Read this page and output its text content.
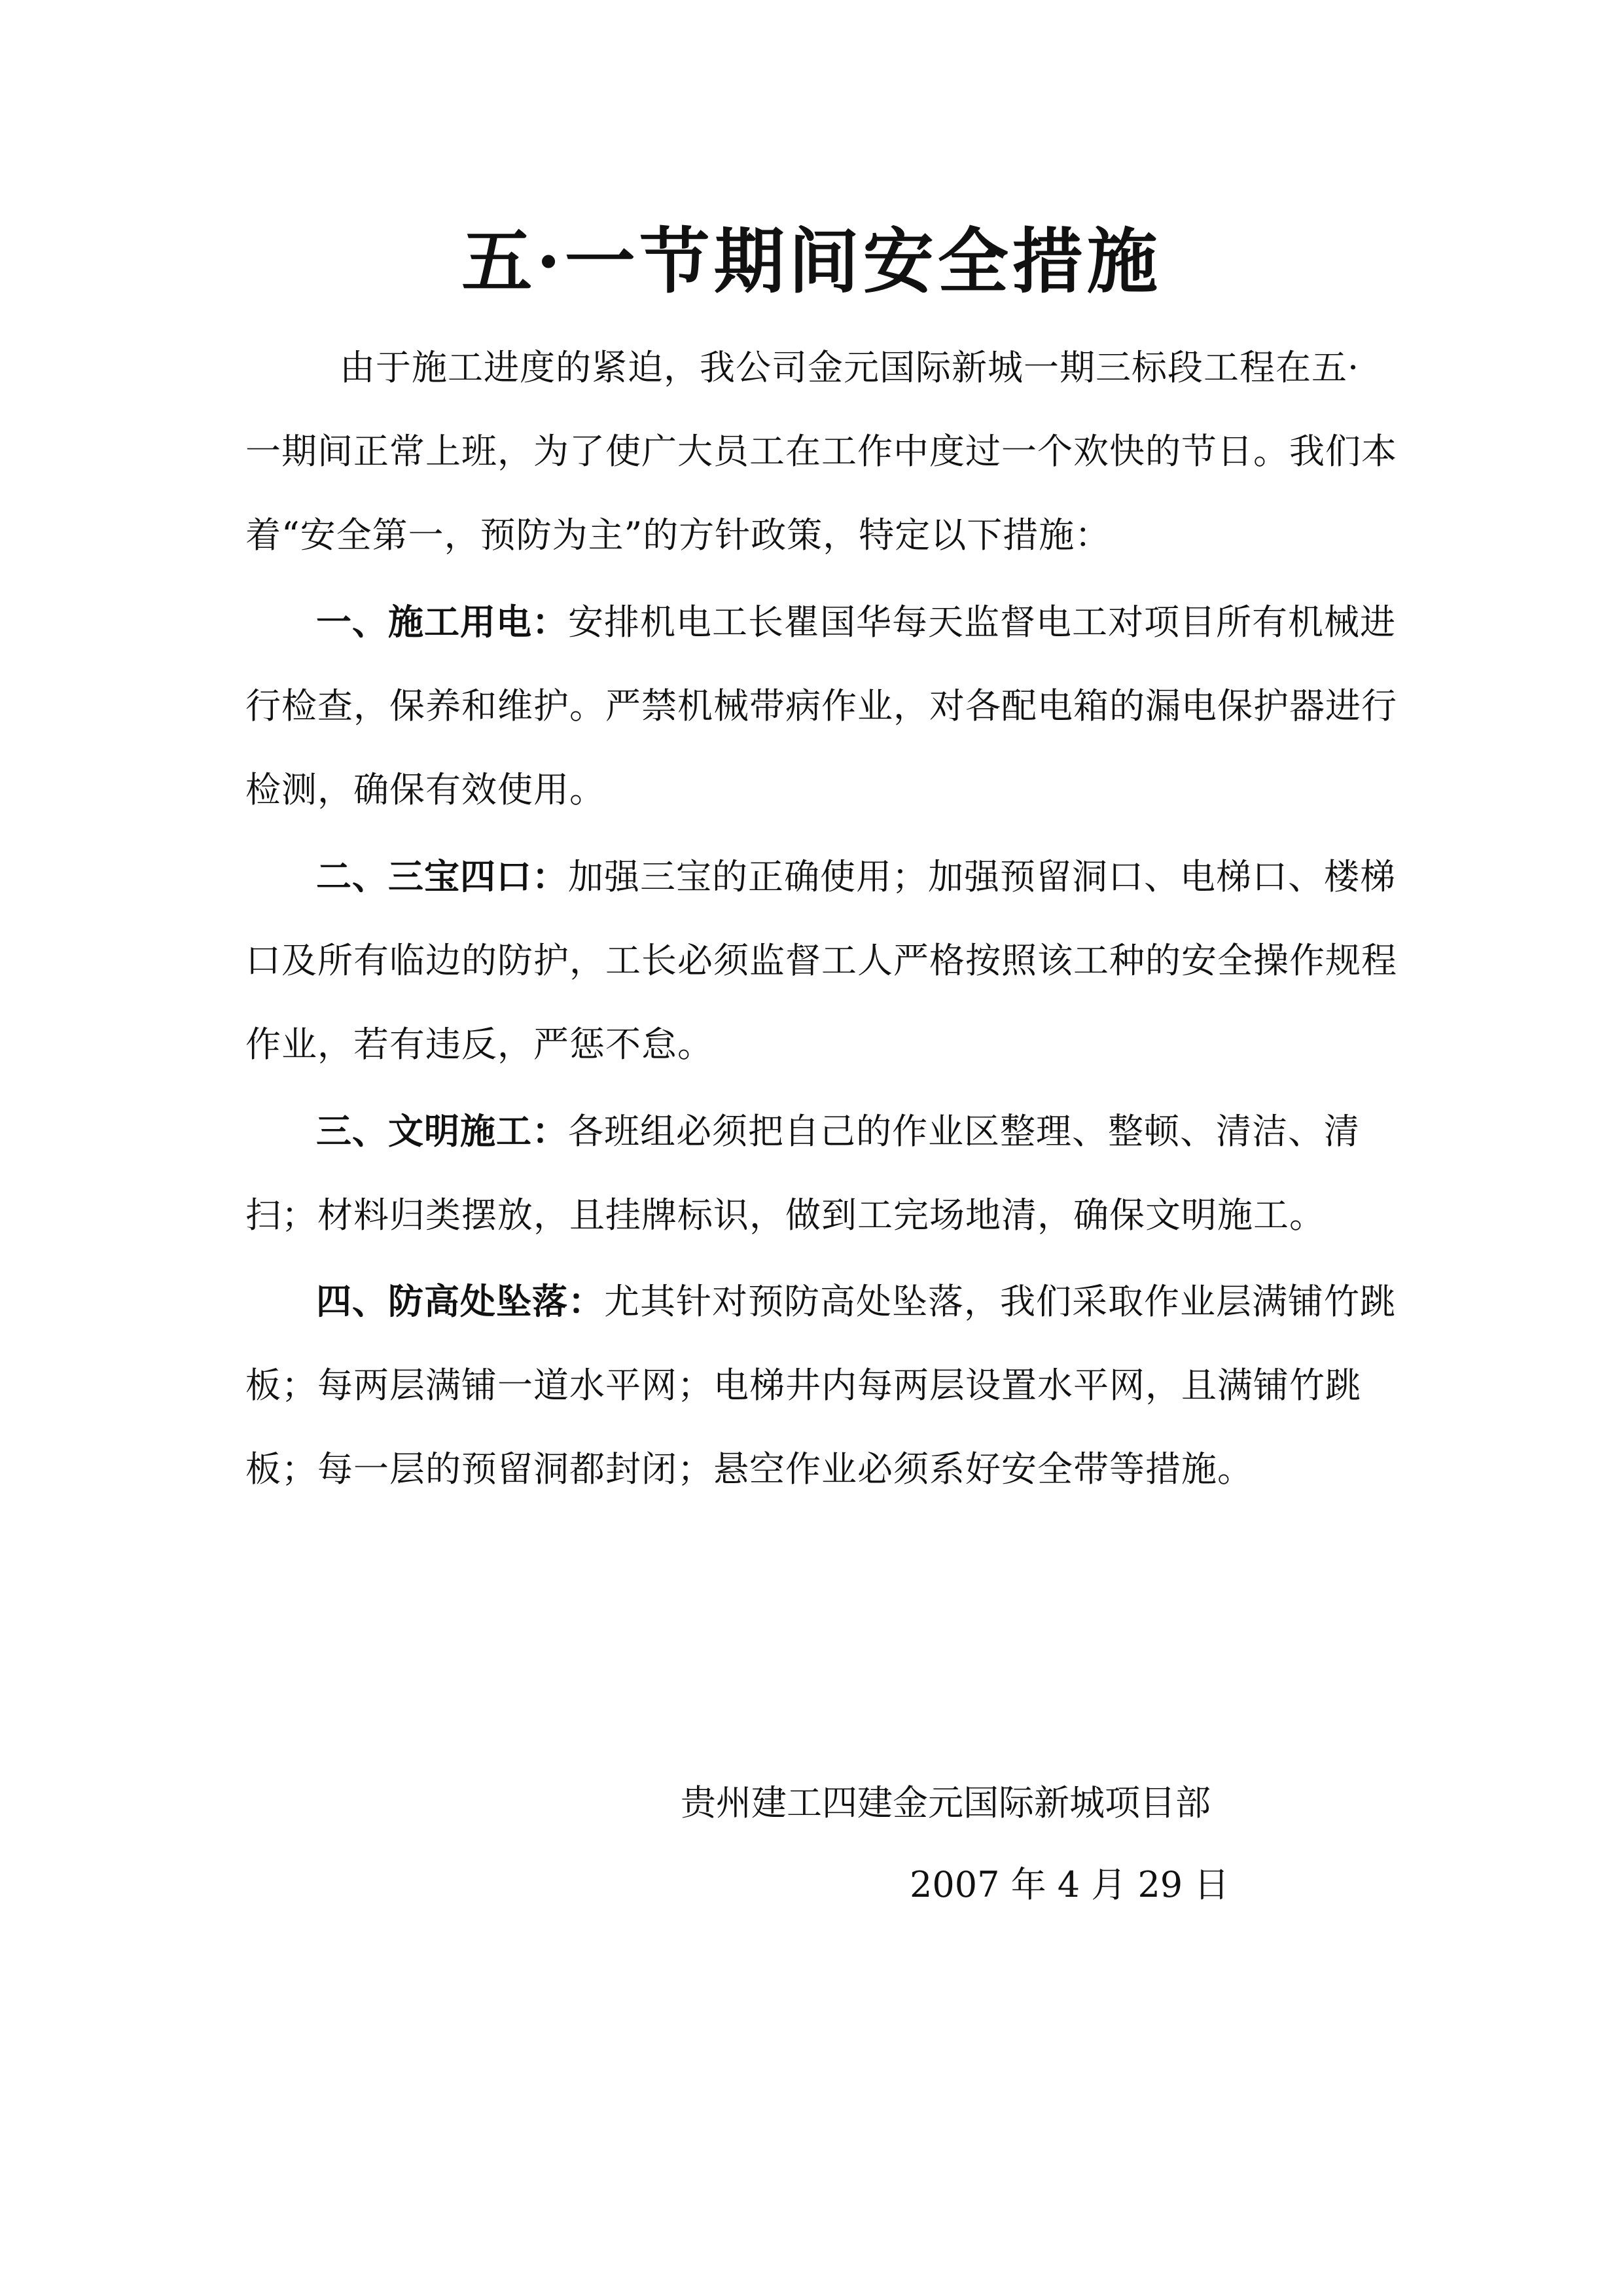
五·一节期间安全措施

由于施工进度的紧迫，我公司金元国际新城一期三标段工程在五· 一期间正常上班，为了使广大员工在工作中度过一个欢快的节日。我们本着“安全第一，预防为主”的方针政策，特定以下措施：

一、施工用电：安排机电工长瞿国华每天监督电工对项目所有机械进行检查，保养和维护。严禁机械带病作业，对各配电箱的漏电保护器进行检测，确保有效使用。

二、三宝四口：加强三宝的正确使用；加强预留洞口、电梯口、楼梯口及所有临边的防护，工长必须监督工人严格按照该工种的安全操作规程作业，若有违反，严惩不怠。

三、文明施工：各班组必须把自己的作业区整理、整顿、清洁、清扫；材料归类摆放，且挂牌标识，做到工完场地清，确保文明施工。

四、防高处坠落：尤其针对预防高处坠落，我们采取作业层满铺竹跳板；每两层满铺一道水平网；电梯井内每两层设置水平网，且满铺竹跳板；每一层的预留洞都封闭；悬空作业必须系好安全带等措施。

贵州建工四建金元国际新城项目部
2007 年 4 月 29 日
